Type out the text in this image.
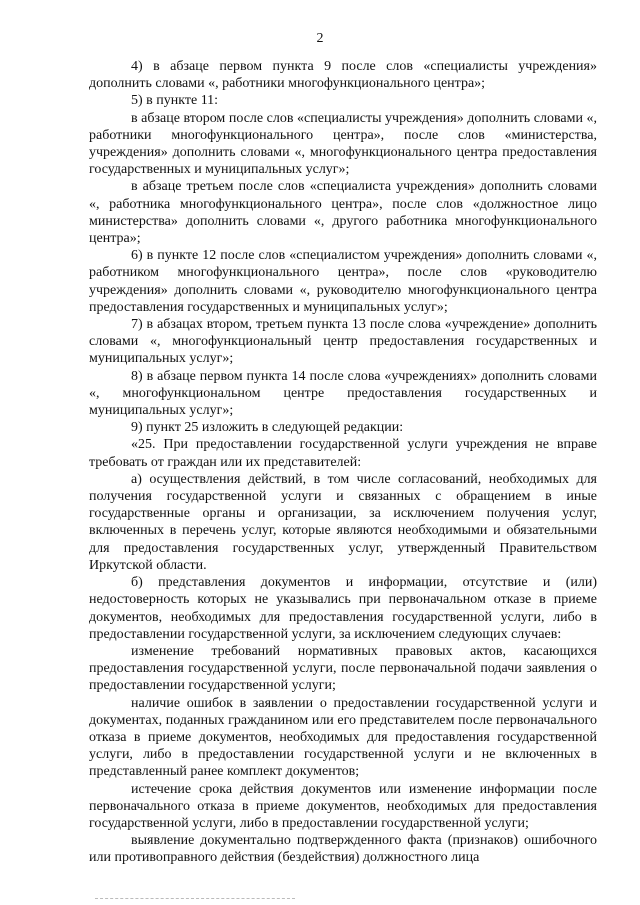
2

4) в абзаце первом пункта 9 после слов «специалисты учреждения» дополнить словами «, работники многофункционального центра»;

5) в пункте 11:

в абзаце втором после слов «специалисты учреждения» дополнить словами «, работники многофункционального центра», после слов «министерства, учреждения» дополнить словами «, многофункционального центра предоставления государственных и муниципальных услуг»;

в абзаце третьем после слов «специалиста учреждения» дополнить словами «, работника многофункционального центра», после слов «должностное лицо министерства» дополнить словами «, другого работника многофункционального центра»;

6) в пункте 12 после слов «специалистом учреждения» дополнить словами «, работником многофункционального центра», после слов «руководителю учреждения» дополнить словами «, руководителю многофункционального центра предоставления государственных и муниципальных услуг»;

7) в абзацах втором, третьем пункта 13 после слова «учреждение» дополнить словами «, многофункциональный центр предоставления государственных и муниципальных услуг»;

8) в абзаце первом пункта 14 после слова «учреждениях» дополнить словами «, многофункциональном центре предоставления государственных и муниципальных услуг»;

9) пункт 25 изложить в следующей редакции:

«25. При предоставлении государственной услуги учреждения не вправе требовать от граждан или их представителей:

а) осуществления действий, в том числе согласований, необходимых для получения государственной услуги и связанных с обращением в иные государственные органы и организации, за исключением получения услуг, включенных в перечень услуг, которые являются необходимыми и обязательными для предоставления государственных услуг, утвержденный Правительством Иркутской области.

б) представления документов и информации, отсутствие и (или) недостоверность которых не указывались при первоначальном отказе в приеме документов, необходимых для предоставления государственной услуги, либо в предоставлении государственной услуги, за исключением следующих случаев:

изменение требований нормативных правовых актов, касающихся предоставления государственной услуги, после первоначальной подачи заявления о предоставлении государственной услуги;

наличие ошибок в заявлении о предоставлении государственной услуги и документах, поданных гражданином или его представителем после первоначального отказа в приеме документов, необходимых для предоставления государственной услуги, либо в предоставлении государственной услуги и не включенных в представленный ранее комплект документов;

истечение срока действия документов или изменение информации после первоначального отказа в приеме документов, необходимых для предоставления государственной услуги, либо в предоставлении государственной услуги;

выявление документально подтвержденного факта (признаков) ошибочного или противоправного действия (бездействия) должностного лица
